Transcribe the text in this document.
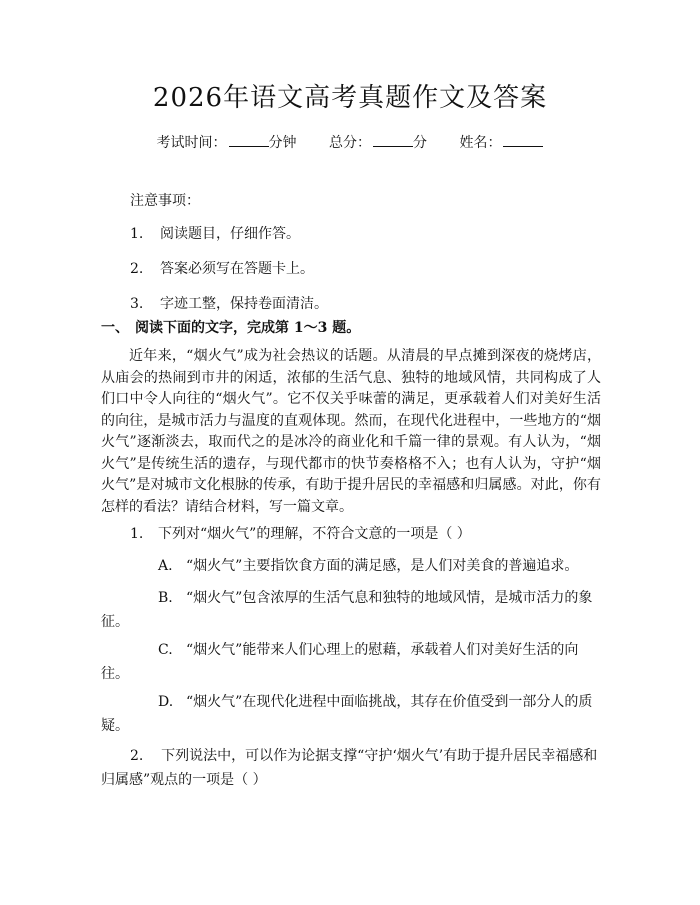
2026年语文高考真题作文及答案
考试时间：	分钟 总分：	分 姓名：
注意事项：
1. 阅读题目，仔细作答。
2. 答案必须写在答题卡上。
3. 字迹工整，保持卷面清洁。
一、 阅读下面的文字，完成第 1～3 题。

近年来，“烟火气”成为社会热议的话题。从清晨的早点摊到深夜的烧烤店，从庙会的热闹到市井的闲适，浓郁的生活气息、独特的地域风情，共同构成了人们口中令人向往的“烟火气”。它不仅关乎味蕾的满足，更承载着人们对美好生活的向往，是城市活力与温度的直观体现。然而，在现代化进程中，一些地方的“烟火气”逐渐淡去，取而代之的是冰冷的商业化和千篇一律的景观。有人认为，“烟火气”是传统生活的遗存，与现代都市的快节奏格格不入；也有人认为，守护“烟火气”是对城市文化根脉的传承，有助于提升居民的幸福感和归属感。对此，你有怎样的看法？请结合材料，写一篇文章。

1. 下列对“烟火气”的理解，不符合文意的一项是（ ）

A. “烟火气”主要指饮食方面的满足感，是人们对美食的普遍追求。

B. “烟火气”包含浓厚的生活气息和独特的地域风情，是城市活力的象征。

C. “烟火气”能带来人们心理上的慰藉，承载着人们对美好生活的向往。

D. “烟火气”在现代化进程中面临挑战，其存在价值受到一部分人的质疑。

2. 下列说法中，可以作为论据支撑“守护‘烟火气’有助于提升居民幸福感和归属感”观点的一项是（ ）
